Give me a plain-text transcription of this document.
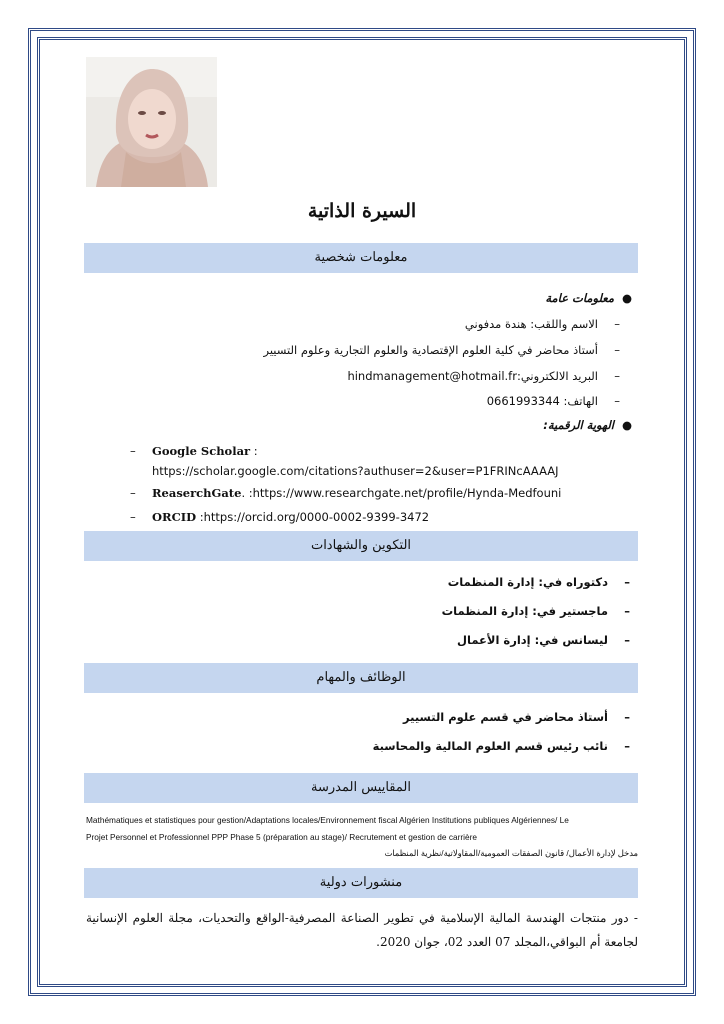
السيرة الذاتية
معلومات شخصية
●معلومات عامة
–الاسم واللقب: هندة مدفوني
–أستاذ محاضر في كلية العلوم الإقتصادية والعلوم التجارية وعلوم التسيير
–البريد الالكتروني:hindmanagement@hotmail.fr
–الهاتف: 0661993344
●الهوية الرقمية:
– Google Scholar :
https://scholar.google.com/citations?authuser=2&user=P1FRINcAAAAJ
– ReaserchGate. :https://www.researchgate.net/profile/Hynda-Medfouni
– ORCID :https://orcid.org/0000-0002-9399-3472
التكوين والشهادات
–دكتوراه في: إدارة المنظمات
–ماجستير في: إدارة المنظمات
–ليسانس في: إدارة الأعمال
الوظائف والمهام
–أستاذ محاضر في قسم علوم التسيير
–نائب رئيس قسم العلوم المالية والمحاسبة
المقاييس المدرسة
Mathématiques et statistiques pour gestion/Adaptations locales/Environnement fiscal Algérien Institutions publiques Algériennes/ Le
Projet Personnel et Professionnel PPP Phase 5 (préparation au stage)/ Recrutement et gestion de carrière
مدخل لإدارة الأعمال/ قانون الصفقات العمومية/المقاولاتية/نظرية المنظمات
منشورات دولية
- دور منتجات الهندسة المالية الإسلامية في تطوير الصناعة المصرفية-الواقع والتحديات، مجلة العلوم الإنسانية لجامعة أم البواقي،المجلد 07 العدد 02، جوان 2020.
